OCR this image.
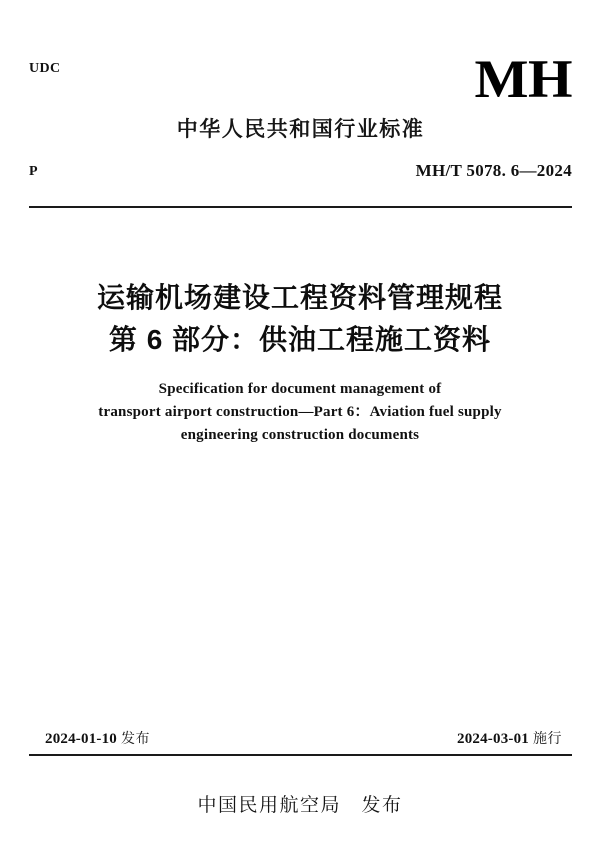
UDC	MH
中华人民共和国行业标准
P	MH/T 5078. 6—2024
运输机场建设工程资料管理规程
第 6 部分：供油工程施工资料
Specification for document management of
transport airport construction—Part 6：Aviation fuel supply
engineering construction documents
2024-01-10 发布	2024-03-01 施行
中国民用航空局　发布
